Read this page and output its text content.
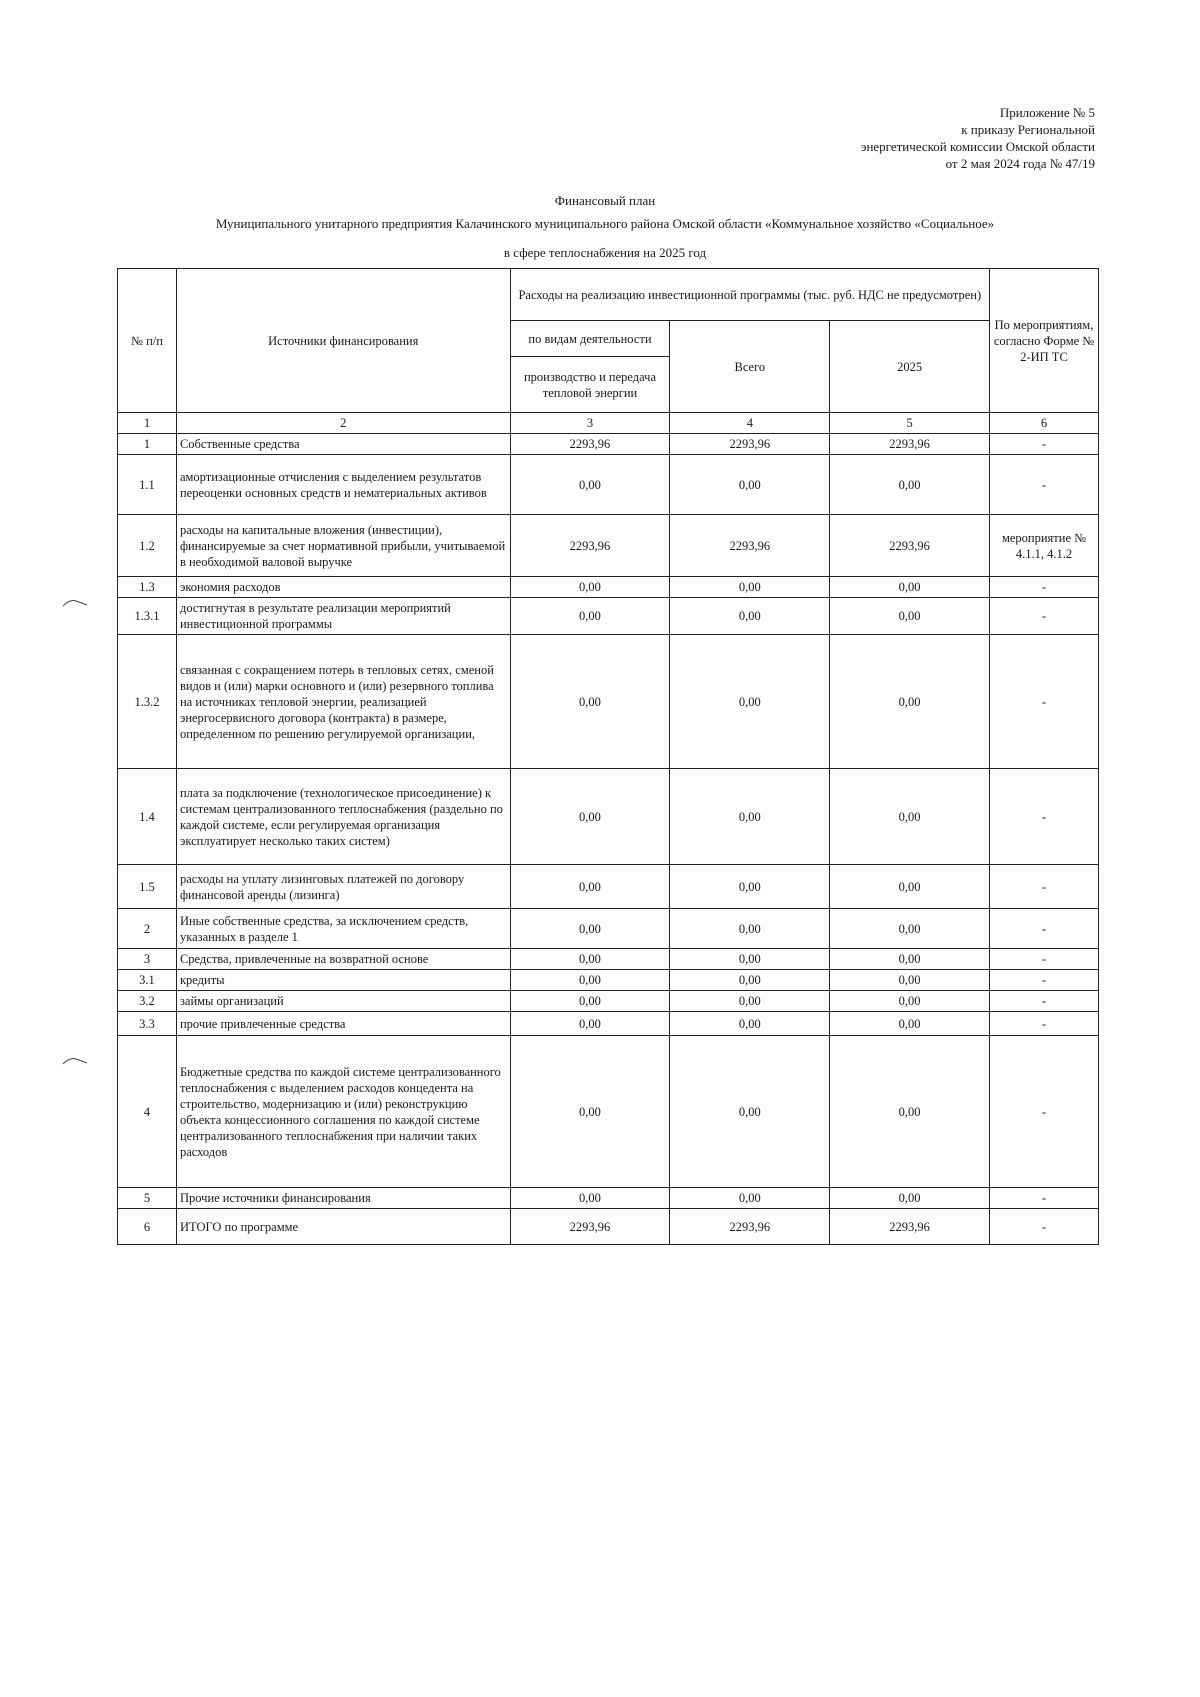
Приложение № 5
к приказу Региональной
энергетической комиссии Омской области
от 2 мая 2024 года № 47/19
Финансовый план
Муниципального унитарного предприятия Калачинского муниципального района Омской области «Коммунальное хозяйство «Социальное»
в сфере теплоснабжения на 2025 год
№ п/п	Источники финансирования	Расходы на реализацию инвестиционной программы (тыс. руб. НДС не предусмотрен)			По мероприятиям, согласно Форме № 2-ИП ТС
		по видам деятельности	Всего	2025	
		производство и передача тепловой энергии			
1	2	3	4	5	6
1	Собственные средства	2293,96	2293,96	2293,96	-
1.1	амортизационные отчисления с выделением результатов переоценки основных средств и нематериальных активов	0,00	0,00	0,00	-
1.2	расходы на капитальные вложения (инвестиции), финансируемые за счет нормативной прибыли, учитываемой в необходимой валовой выручке	2293,96	2293,96	2293,96	мероприятие № 4.1.1, 4.1.2
1.3	экономия расходов	0,00	0,00	0,00	-
1.3.1	достигнутая в результате реализации мероприятий инвестиционной программы	0,00	0,00	0,00	-
1.3.2	связанная с сокращением потерь в тепловых сетях, сменой видов и (или) марки основного и (или) резервного топлива на источниках тепловой энергии, реализацией энергосервисного договора (контракта) в размере, определенном по решению регулируемой организации,	0,00	0,00	0,00	-
1.4	плата за подключение (технологическое присоединение) к системам централизованного теплоснабжения (раздельно по каждой системе, если регулируемая организация эксплуатирует несколько таких систем)	0,00	0,00	0,00	-
1.5	расходы на уплату лизинговых платежей по договору финансовой аренды (лизинга)	0,00	0,00	0,00	-
2	Иные собственные средства, за исключением средств, указанных в разделе 1	0,00	0,00	0,00	-
3	Средства, привлеченные на возвратной основе	0,00	0,00	0,00	-
3.1	кредиты	0,00	0,00	0,00	-
3.2	займы организаций	0,00	0,00	0,00	-
3.3	прочие привлеченные средства	0,00	0,00	0,00	-
4	Бюджетные средства по каждой системе централизованного теплоснабжения с выделением расходов концедента на строительство, модернизацию и (или) реконструкцию объекта концессионного соглашения по каждой системе централизованного теплоснабжения при наличии таких расходов	0,00	0,00	0,00	-
5	Прочие источники финансирования	0,00	0,00	0,00	-
6	ИТОГО по программе	2293,96	2293,96	2293,96	-
